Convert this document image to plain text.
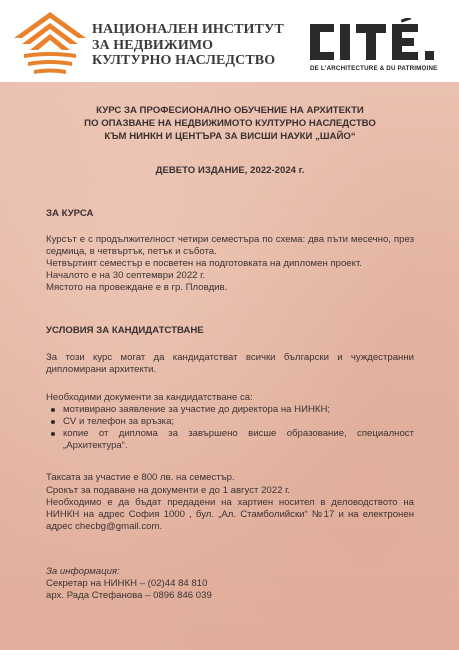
НАЦИОНАЛЕН ИНСТИТУТ
ЗА НЕДВИЖИМО
КУЛТУРНО НАСЛЕДСТВО
DE L'ARCHITECTURE & DU PATRIMOINE
КУРС ЗА ПРОФЕСИОНАЛНО ОБУЧЕНИЕ НА АРХИТЕКТИ
ПО ОПАЗВАНЕ НА НЕДВИЖИМОТО КУЛТУРНО НАСЛЕДСТВО
КЪМ НИНКН И ЦЕНТЪРА ЗА ВИСШИ НАУКИ „ШАЙО“
ДЕВЕТО ИЗДАНИЕ, 2022-2024 г.
ЗА КУРСА
Курсът е с продължителност четири семестъра по схема: два пъти месечно, през седмица, в четвъртък, петък и събота.
Четвъртият семестър е посветен на подготовката на дипломен проект.
Началото е на 30 септември 2022 г.
Мястото на провеждане е в гр. Пловдив.
УСЛОВИЯ ЗА КАНДИДАТСТВАНЕ
За този курс могат да кандидатстват всички български и чуждестранни дипломирани архитекти.
Необходими документи за кандидатстване са:
мотивирано заявление за участие до директора на НИНКН;
CV и телефон за връзка;
копие от диплома за завършено висше образование, специалност „Архитектура“.
Таксата за участие е 800 лв. на семестър.
Срокът за подаване на документи е до 1 август 2022 г.
Необходимо е да бъдат предадени на хартиен носител в деловодството на НИНКН на адрес София 1000 , бул. „Ал. Стамболийски“ №17 и на електронен адрес checbg@gmail.com.
За информация:
Секретар на НИНКН – (02)44 84 810
арх. Рада Стефанова – 0896 846 039
